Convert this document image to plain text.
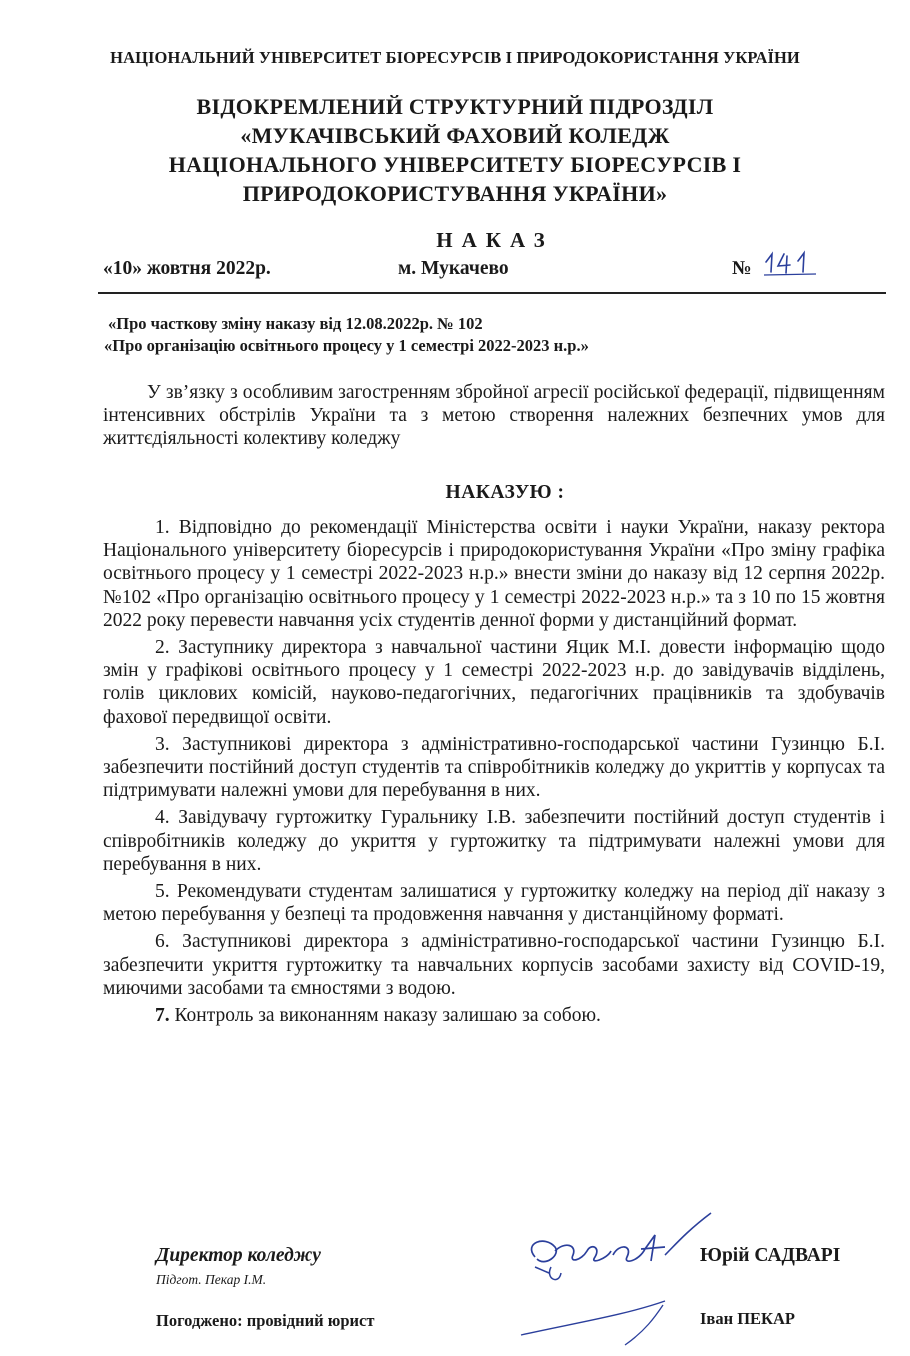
НАЦІОНАЛЬНИЙ УНІВЕРСИТЕТ БІОРЕСУРСІВ І ПРИРОДОКОРИСТАННЯ УКРАЇНИ
ВІДОКРЕМЛЕНИЙ СТРУКТУРНИЙ ПІДРОЗДІЛ
«МУКАЧІВСЬКИЙ ФАХОВИЙ КОЛЕДЖ
НАЦІОНАЛЬНОГО УНІВЕРСИТЕТУ БІОРЕСУРСІВ І
ПРИРОДОКОРИСТУВАННЯ УКРАЇНИ»
НАКАЗ
«10» жовтня 2022р.	м. Мукачево	№
«Про часткову зміну наказу від 12.08.2022р. № 102
«Про організацію освітнього процесу у 1 семестрі 2022-2023 н.р.»
У зв’язку з особливим загостренням збройної агресії російської федерації, підвищенням інтенсивних обстрілів України та з метою створення належних безпечних умов для життєдіяльності колективу коледжу
НАКАЗУЮ :

1. Відповідно до рекомендації Міністерства освіти і науки України, наказу ректора Національного університету біоресурсів і природокористування України «Про зміну графіка освітнього процесу у 1 семестрі 2022-2023 н.р.» внести зміни до наказу від 12 серпня 2022р. №102 «Про організацію освітнього процесу у 1 семестрі 2022-2023 н.р.» та з 10 по 15 жовтня 2022 року перевести навчання усіх студентів денної форми у дистанційний формат.

2. Заступнику директора з навчальної частини Яцик М.І. довести інформацію щодо змін у графікові освітнього процесу у 1 семестрі 2022-2023 н.р. до завідувачів відділень, голів циклових комісій, науково-педагогічних, педагогічних працівників та здобувачів фахової передвищої освіти.

3. Заступникові директора з адміністративно-господарської частини Гузинцю Б.І. забезпечити постійний доступ студентів та співробітників коледжу до укриттів у корпусах та підтримувати належні умови для перебування в них.

4. Завідувачу гуртожитку Гуральнику І.В. забезпечити постійний доступ студентів і співробітників коледжу до укриття у гуртожитку та підтримувати належні умови для перебування в них.

5. Рекомендувати студентам залишатися у гуртожитку коледжу на період дії наказу з метою перебування у безпеці та продовження навчання у дистанційному форматі.

6. Заступникові директора з адміністративно-господарської частини Гузинцю Б.І. забезпечити укриття гуртожитку та навчальних корпусів засобами захисту від COVID-19, миючими засобами та ємностями з водою.

7. Контроль за виконанням наказу залишаю за собою.

Директор коледжу
Підгот. Пекар І.М.
Юрій САДВАРІ
Погоджено: провідний юрист	Іван ПЕКАР
